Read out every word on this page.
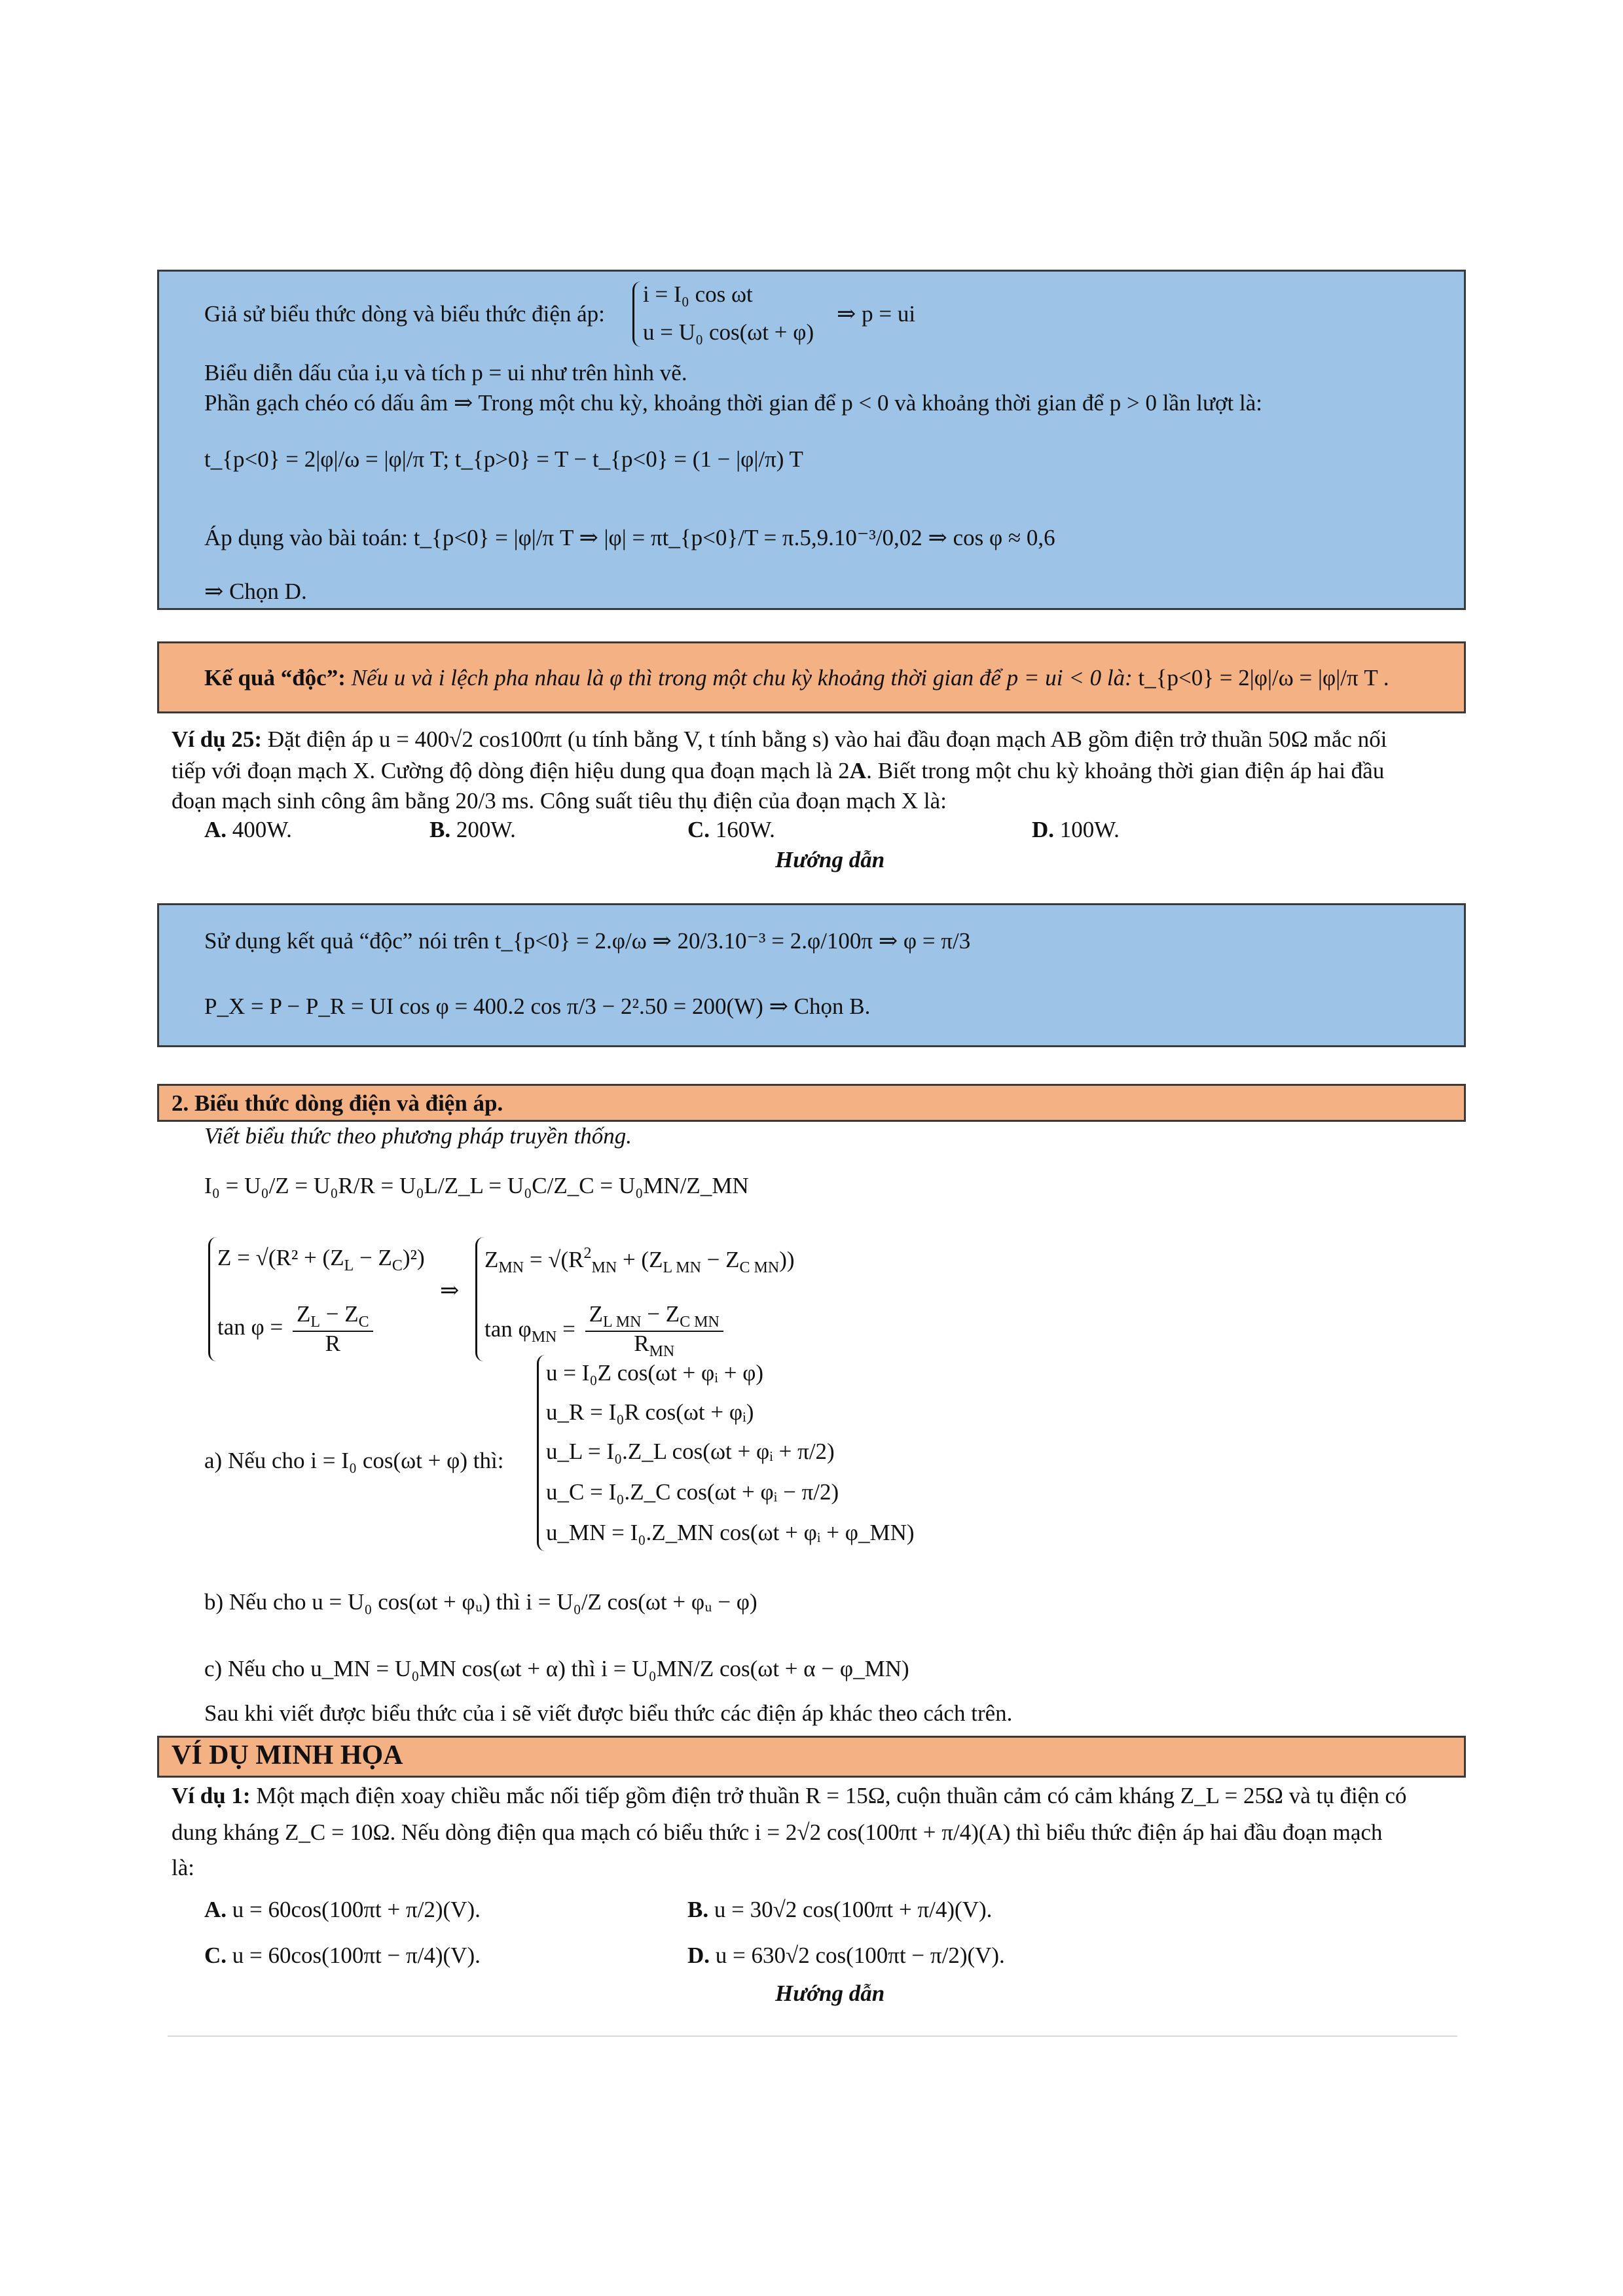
Giả sử biểu thức dòng và biểu thức điện áp:
i = I₀ cos ωt
u = U₀ cos(ωt + φ)
⇒ p = ui
Biểu diễn dấu của i,u và tích p = ui như trên hình vẽ.
Phần gạch chéo có dấu âm ⇒ Trong một chu kỳ, khoảng thời gian để p < 0 và khoảng thời gian để p > 0 lần lượt là:
t_{p<0} = 2|φ|/ω = |φ|/π T; t_{p>0} = T − t_{p<0} = (1 − |φ|/π) T
Áp dụng vào bài toán: t_{p<0} = |φ|/π T ⇒ |φ| = πt_{p<0}/T = π.5,9.10⁻³/0,02 ⇒ cos φ ≈ 0,6
⇒ Chọn D.
Kế quả “độc”: Nếu u và i lệch pha nhau là φ thì trong một chu kỳ khoảng thời gian để p = ui < 0 là: t_{p<0} = 2|φ|/ω = |φ|/π T .
Ví dụ 25: Đặt điện áp u = 400√2 cos100πt (u tính bằng V, t tính bằng s) vào hai đầu đoạn mạch AB gồm điện trở thuần 50Ω mắc nối
tiếp với đoạn mạch X. Cường độ dòng điện hiệu dung qua đoạn mạch là 2A. Biết trong một chu kỳ khoảng thời gian điện áp hai đầu
đoạn mạch sinh công âm bằng 20/3 ms. Công suất tiêu thụ điện của đoạn mạch X là:
A. 400W.	B. 200W.	C. 160W.	D. 100W.
Hướng dẫn
Sử dụng kết quả “độc” nói trên t_{p<0} = 2.φ/ω ⇒ 20/3.10⁻³ = 2.φ/100π ⇒ φ = π/3
P_X = P − P_R = UI cos φ = 400.2 cos π/3 − 2².50 = 200(W) ⇒ Chọn B.
2. Biểu thức dòng điện và điện áp.
Viết biểu thức theo phương pháp truyền thống.
I₀ = U₀/Z = U₀R/R = U₀L/Z_L = U₀C/Z_C = U₀MN/Z_MN
$Z = √(R^2 + (Z_L - Z_C)^2)$
$\tan \varphi = \frac{Z_L - Z_C}{R}$
⇒
$Z_{MN} = √(R^2_{MN} + (Z_{L MN} - Z_{C MN}))$
$\tan \varphi_{MN} = \frac{Z_{L MN} - Z_{C MN}}{R_{MN}}$
a) Nếu cho i = I₀ cos(ωt + φ) thì:
u = I₀Z cos(ωt + φᵢ + φ)
u_R = I₀R cos(ωt + φᵢ)
u_L = I₀.Z_L cos(ωt + φᵢ + π/2)
u_C = I₀.Z_C cos(ωt + φᵢ − π/2)
u_MN = I₀.Z_MN cos(ωt + φᵢ + φ_MN)
b) Nếu cho u = U₀ cos(ωt + φᵤ) thì i = U₀/Z cos(ωt + φᵤ − φ)
c) Nếu cho u_MN = U₀MN cos(ωt + α) thì i = U₀MN/Z cos(ωt + α − φ_MN)
Sau khi viết được biểu thức của i sẽ viết được biểu thức các điện áp khác theo cách trên.
VÍ DỤ MINH HỌA
Ví dụ 1: Một mạch điện xoay chiều mắc nối tiếp gồm điện trở thuần R = 15Ω, cuộn thuần cảm có cảm kháng Z_L = 25Ω và tụ điện có
dung kháng Z_C = 10Ω. Nếu dòng điện qua mạch có biểu thức i = 2√2 cos(100πt + π/4)(A) thì biểu thức điện áp hai đầu đoạn mạch
là:
A. u = 60cos(100πt + π/2)(V).	B. u = 30√2 cos(100πt + π/4)(V).
C. u = 60cos(100πt − π/4)(V).	D. u = 630√2 cos(100πt − π/2)(V).
Hướng dẫn
